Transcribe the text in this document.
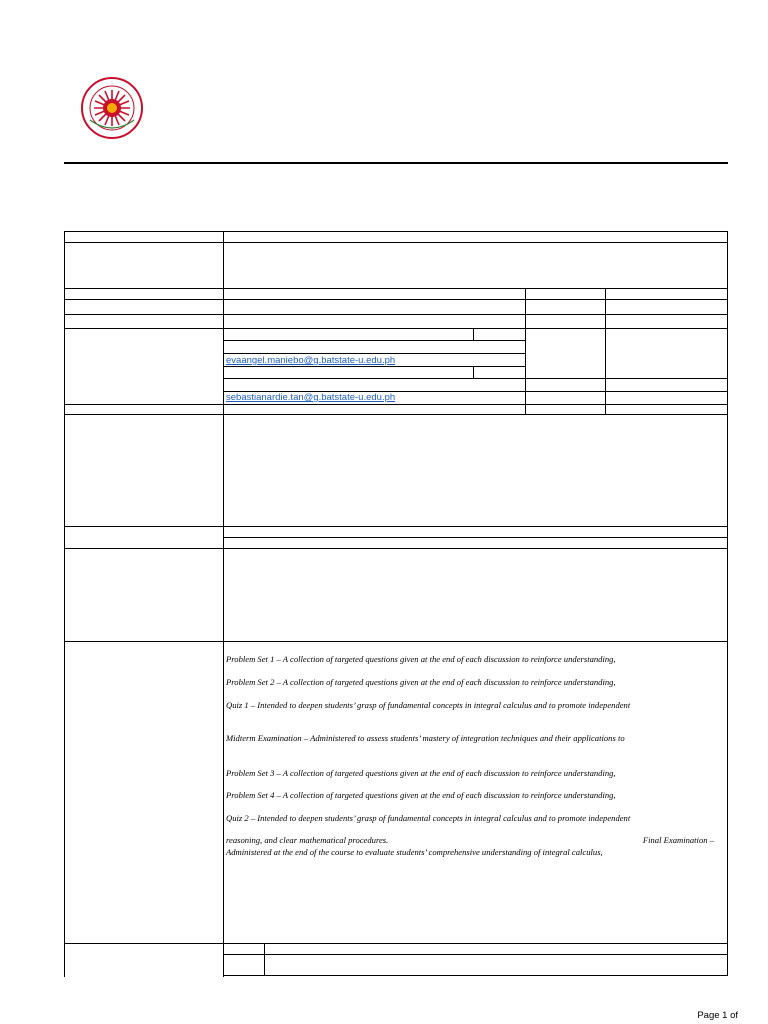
evaangel.maniebo@g.batstate-u.edu.ph
sebastianardie.tan@g.batstate-u.edu.ph
Problem Set 1 – A collection of targeted questions given at the end of each discussion to reinforce understanding,
Problem Set 2 – A collection of targeted questions given at the end of each discussion to reinforce understanding,
Quiz 1 – Intended to deepen students’ grasp of fundamental concepts in integral calculus and to promote independent
Midterm Examination – Administered to assess students’ mastery of integration techniques and their applications to
Problem Set 3 – A collection of targeted questions given at the end of each discussion to reinforce understanding,
Problem Set 4 – A collection of targeted questions given at the end of each discussion to reinforce understanding,
Quiz 2 – Intended to deepen students’ grasp of fundamental concepts in integral calculus and to promote independent
reasoning, and clear mathematical procedures.	Final Examination –
Administered at the end of the course to evaluate students’ comprehensive understanding of integral calculus,
Page 1 of
